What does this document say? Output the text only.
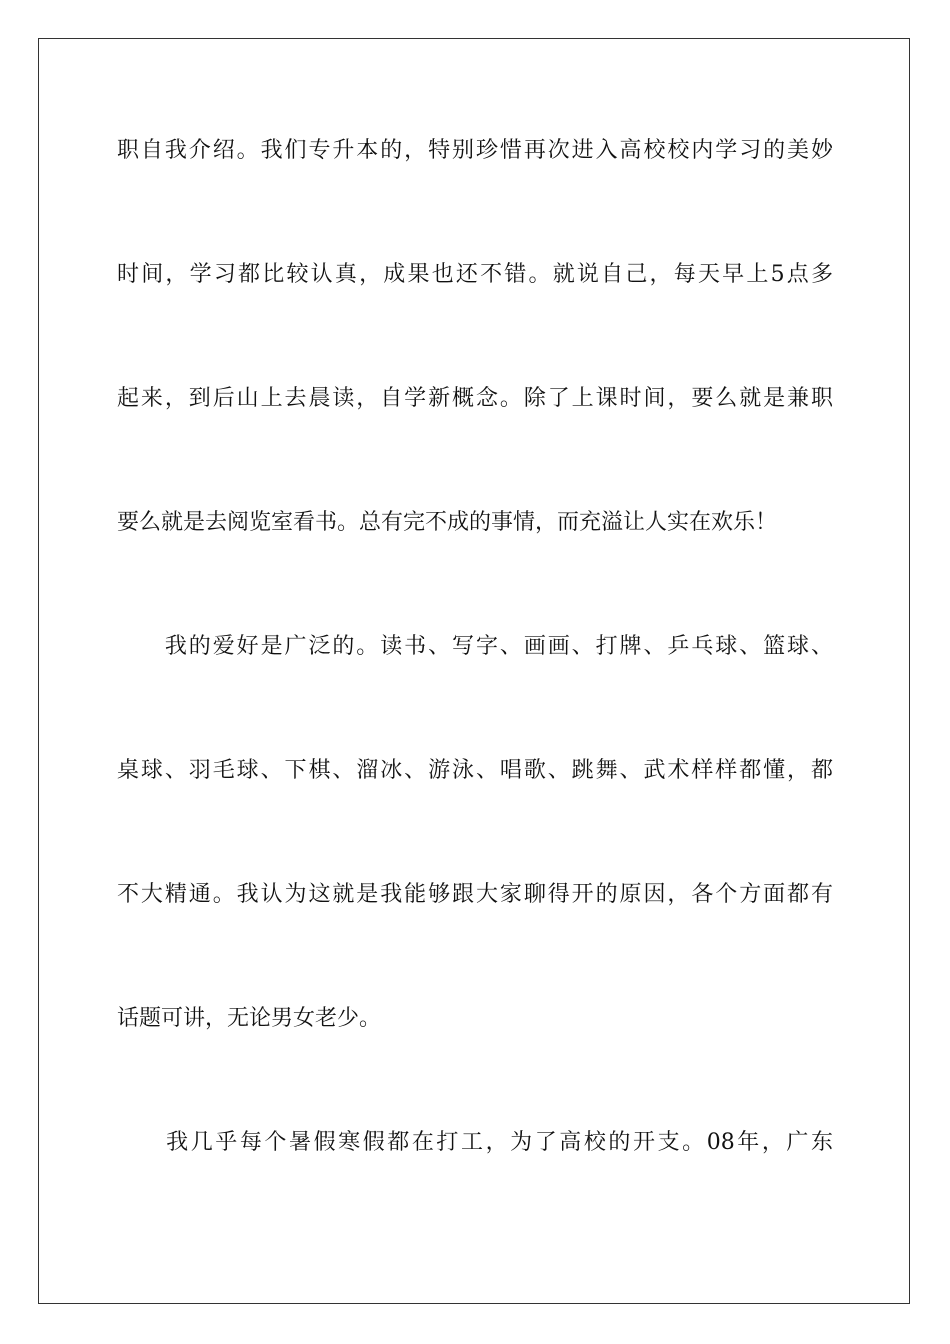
职自我介绍。我们专升本的，特别珍惜再次进入高校校内学习的美妙

时间，学习都比较认真，成果也还不错。就说自己，每天早上5点多

起来，到后山上去晨读，自学新概念。除了上课时间，要么就是兼职

要么就是去阅览室看书。总有完不成的事情，而充溢让人实在欢乐！

　　我的爱好是广泛的。读书、写字、画画、打牌、乒乓球、篮球、

桌球、羽毛球、下棋、溜冰、游泳、唱歌、跳舞、武术样样都懂，都

不大精通。我认为这就是我能够跟大家聊得开的原因，各个方面都有

话题可讲，无论男女老少。

　　我几乎每个暑假寒假都在打工，为了高校的开支。08年，广东
